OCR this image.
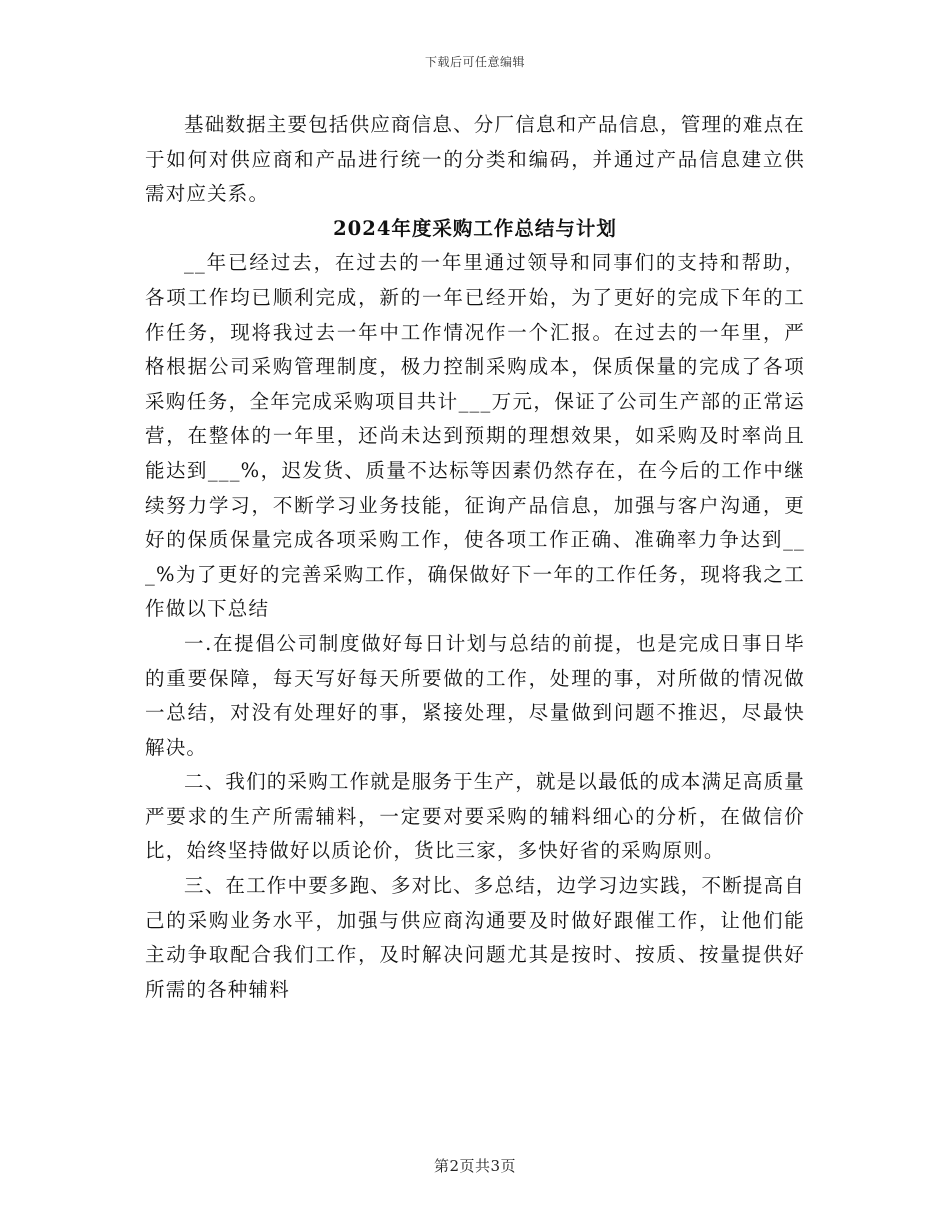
下载后可任意编辑

基础数据主要包括供应商信息、分厂信息和产品信息，管理的难点在于如何对供应商和产品进行统一的分类和编码，并通过产品信息建立供需对应关系。

2024年度采购工作总结与计划

__年已经过去，在过去的一年里通过领导和同事们的支持和帮助，各项工作均已顺利完成，新的一年已经开始，为了更好的完成下年的工作任务，现将我过去一年中工作情况作一个汇报。在过去的一年里，严格根据公司采购管理制度，极力控制采购成本，保质保量的完成了各项采购任务，全年完成采购项目共计___万元，保证了公司生产部的正常运营，在整体的一年里，还尚未达到预期的理想效果，如采购及时率尚且能达到___%，迟发货、质量不达标等因素仍然存在，在今后的工作中继续努力学习，不断学习业务技能，征询产品信息，加强与客户沟通，更好的保质保量完成各项采购工作，使各项工作正确、准确率力争达到___%为了更好的完善采购工作，确保做好下一年的工作任务，现将我之工作做以下总结

一.在提倡公司制度做好每日计划与总结的前提，也是完成日事日毕的重要保障，每天写好每天所要做的工作，处理的事，对所做的情况做一总结，对没有处理好的事，紧接处理，尽量做到问题不推迟，尽最快解决。

二、我们的采购工作就是服务于生产，就是以最低的成本满足高质量严要求的生产所需辅料，一定要对要采购的辅料细心的分析，在做信价比，始终坚持做好以质论价，货比三家，多快好省的采购原则。

三、在工作中要多跑、多对比、多总结，边学习边实践，不断提高自己的采购业务水平，加强与供应商沟通要及时做好跟催工作，让他们能主动争取配合我们工作，及时解决问题尤其是按时、按质、按量提供好所需的各种辅料

第2页共3页
